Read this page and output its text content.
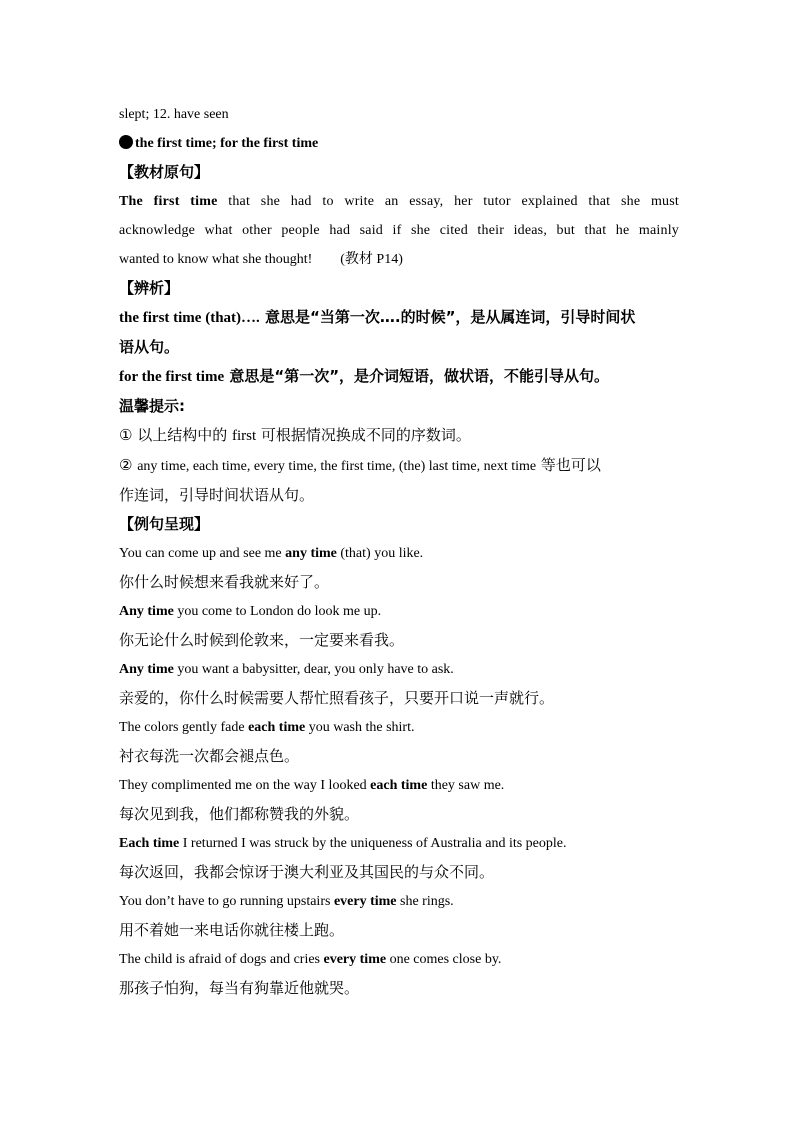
slept; 12. have seen
the first time; for the first time
【教材原句】
The first time that she had to write an essay, her tutor explained that she must
acknowledge what other people had said if she cited their ideas, but that he mainly
wanted to know what she thought! (教材 P14)
【辨析】
the first time (that)…. 意思是“当第一次….的时候”，是从属连词，引导时间状
语从句。
for the first time 意思是“第一次”，是介词短语，做状语，不能引导从句。
温馨提示:
① 以上结构中的 first 可根据情况换成不同的序数词。
② any time, each time, every time, the first time, (the) last time, next time 等也可以
作连词，引导时间状语从句。
【例句呈现】
You can come up and see me any time (that) you like.
你什么时候想来看我就来好了。
Any time you come to London do look me up.
你无论什么时候到伦敦来，一定要来看我。
Any time you want a babysitter, dear, you only have to ask.
亲爱的，你什么时候需要人帮忙照看孩子，只要开口说一声就行。
The colors gently fade each time you wash the shirt.
衬衣每洗一次都会褪点色。
They complimented me on the way I looked each time they saw me.
每次见到我，他们都称赞我的外貌。
Each time I returned I was struck by the uniqueness of Australia and its people.
每次返回，我都会惊讶于澳大利亚及其国民的与众不同。
You don’t have to go running upstairs every time she rings.
用不着她一来电话你就往楼上跑。
The child is afraid of dogs and cries every time one comes close by.
那孩子怕狗，每当有狗靠近他就哭。
